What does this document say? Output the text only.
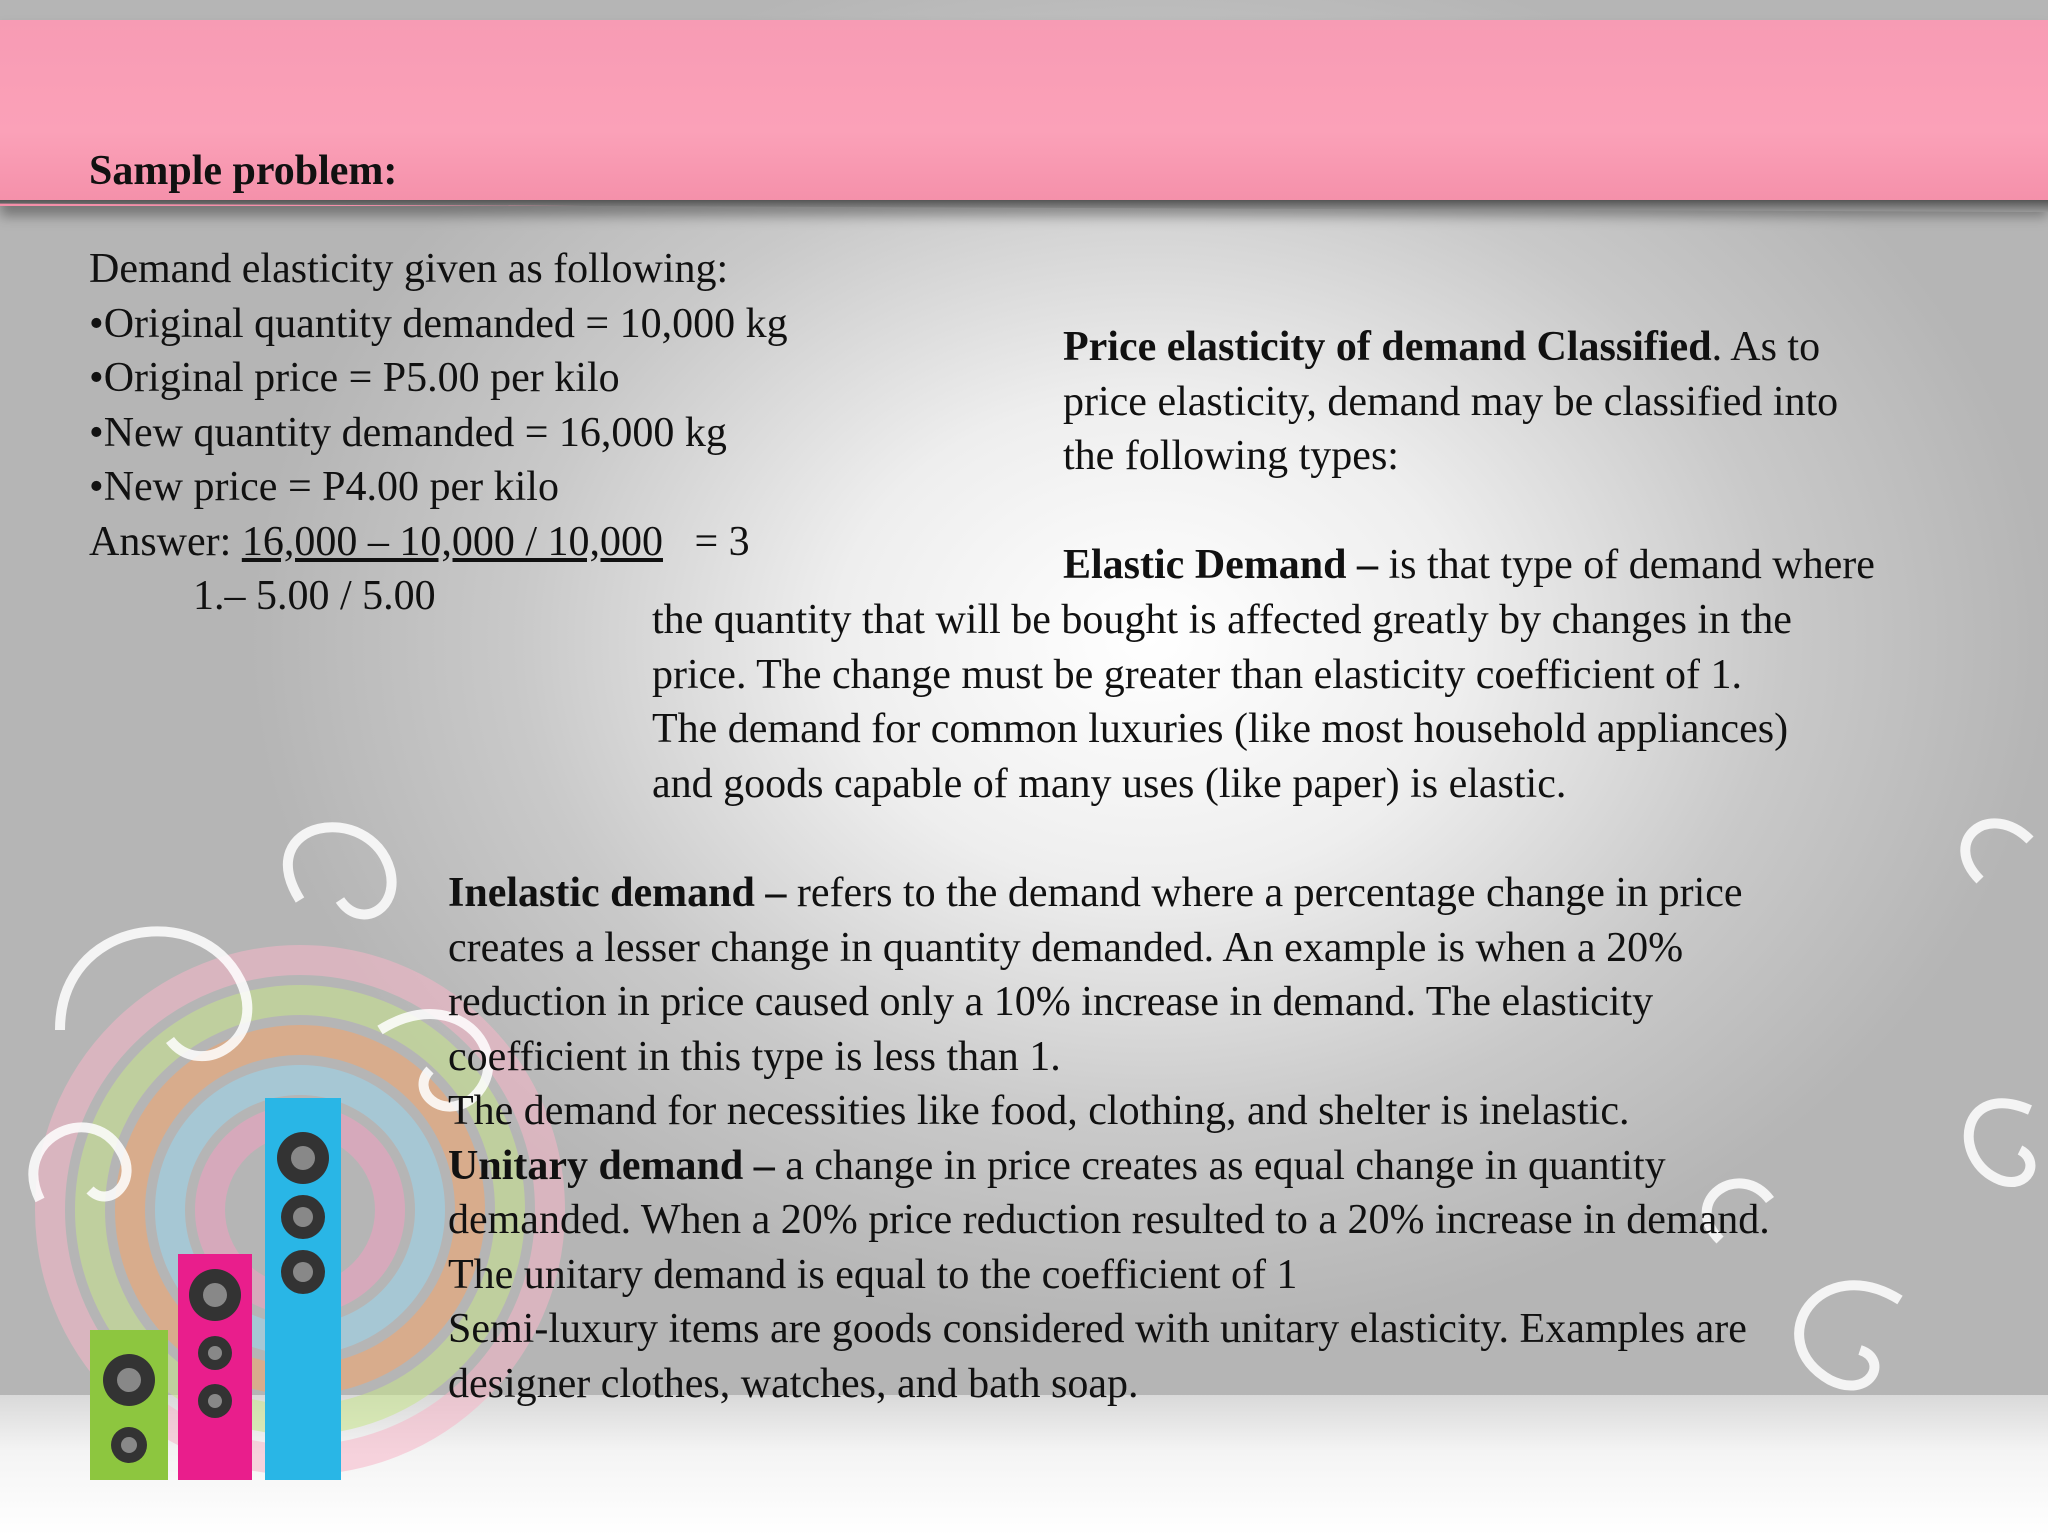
Sample problem:
Demand elasticity given as following:
•Original quantity demanded = 10,000 kg
•Original price = P5.00 per kilo
•New quantity demanded = 16,000 kg
•New price = P4.00 per kilo
Answer: 16,000 – 10,000 / 10,000   = 3
1.– 5.00 / 5.00
Price elasticity of demand Classified. As to
price elasticity, demand may be classified into
the following types:
Elastic Demand – is that type of demand where
the quantity that will be bought is affected greatly by changes in the
price. The change must be greater than elasticity coefficient of 1.
The demand for common luxuries (like most household appliances)
and goods capable of many uses (like paper) is elastic.
Inelastic demand – refers to the demand where a percentage change in price
creates a lesser change in quantity demanded. An example is when a 20%
reduction in price caused only a 10% increase in demand. The elasticity
coefficient in this type is less than 1.
The demand for necessities like food, clothing, and shelter is inelastic.
Unitary demand – a change in price creates as equal change in quantity
demanded. When a 20% price reduction resulted to a 20% increase in demand.
The unitary demand is equal to the coefficient of 1
Semi-luxury items are goods considered with unitary elasticity. Examples are
designer clothes, watches, and bath soap.
